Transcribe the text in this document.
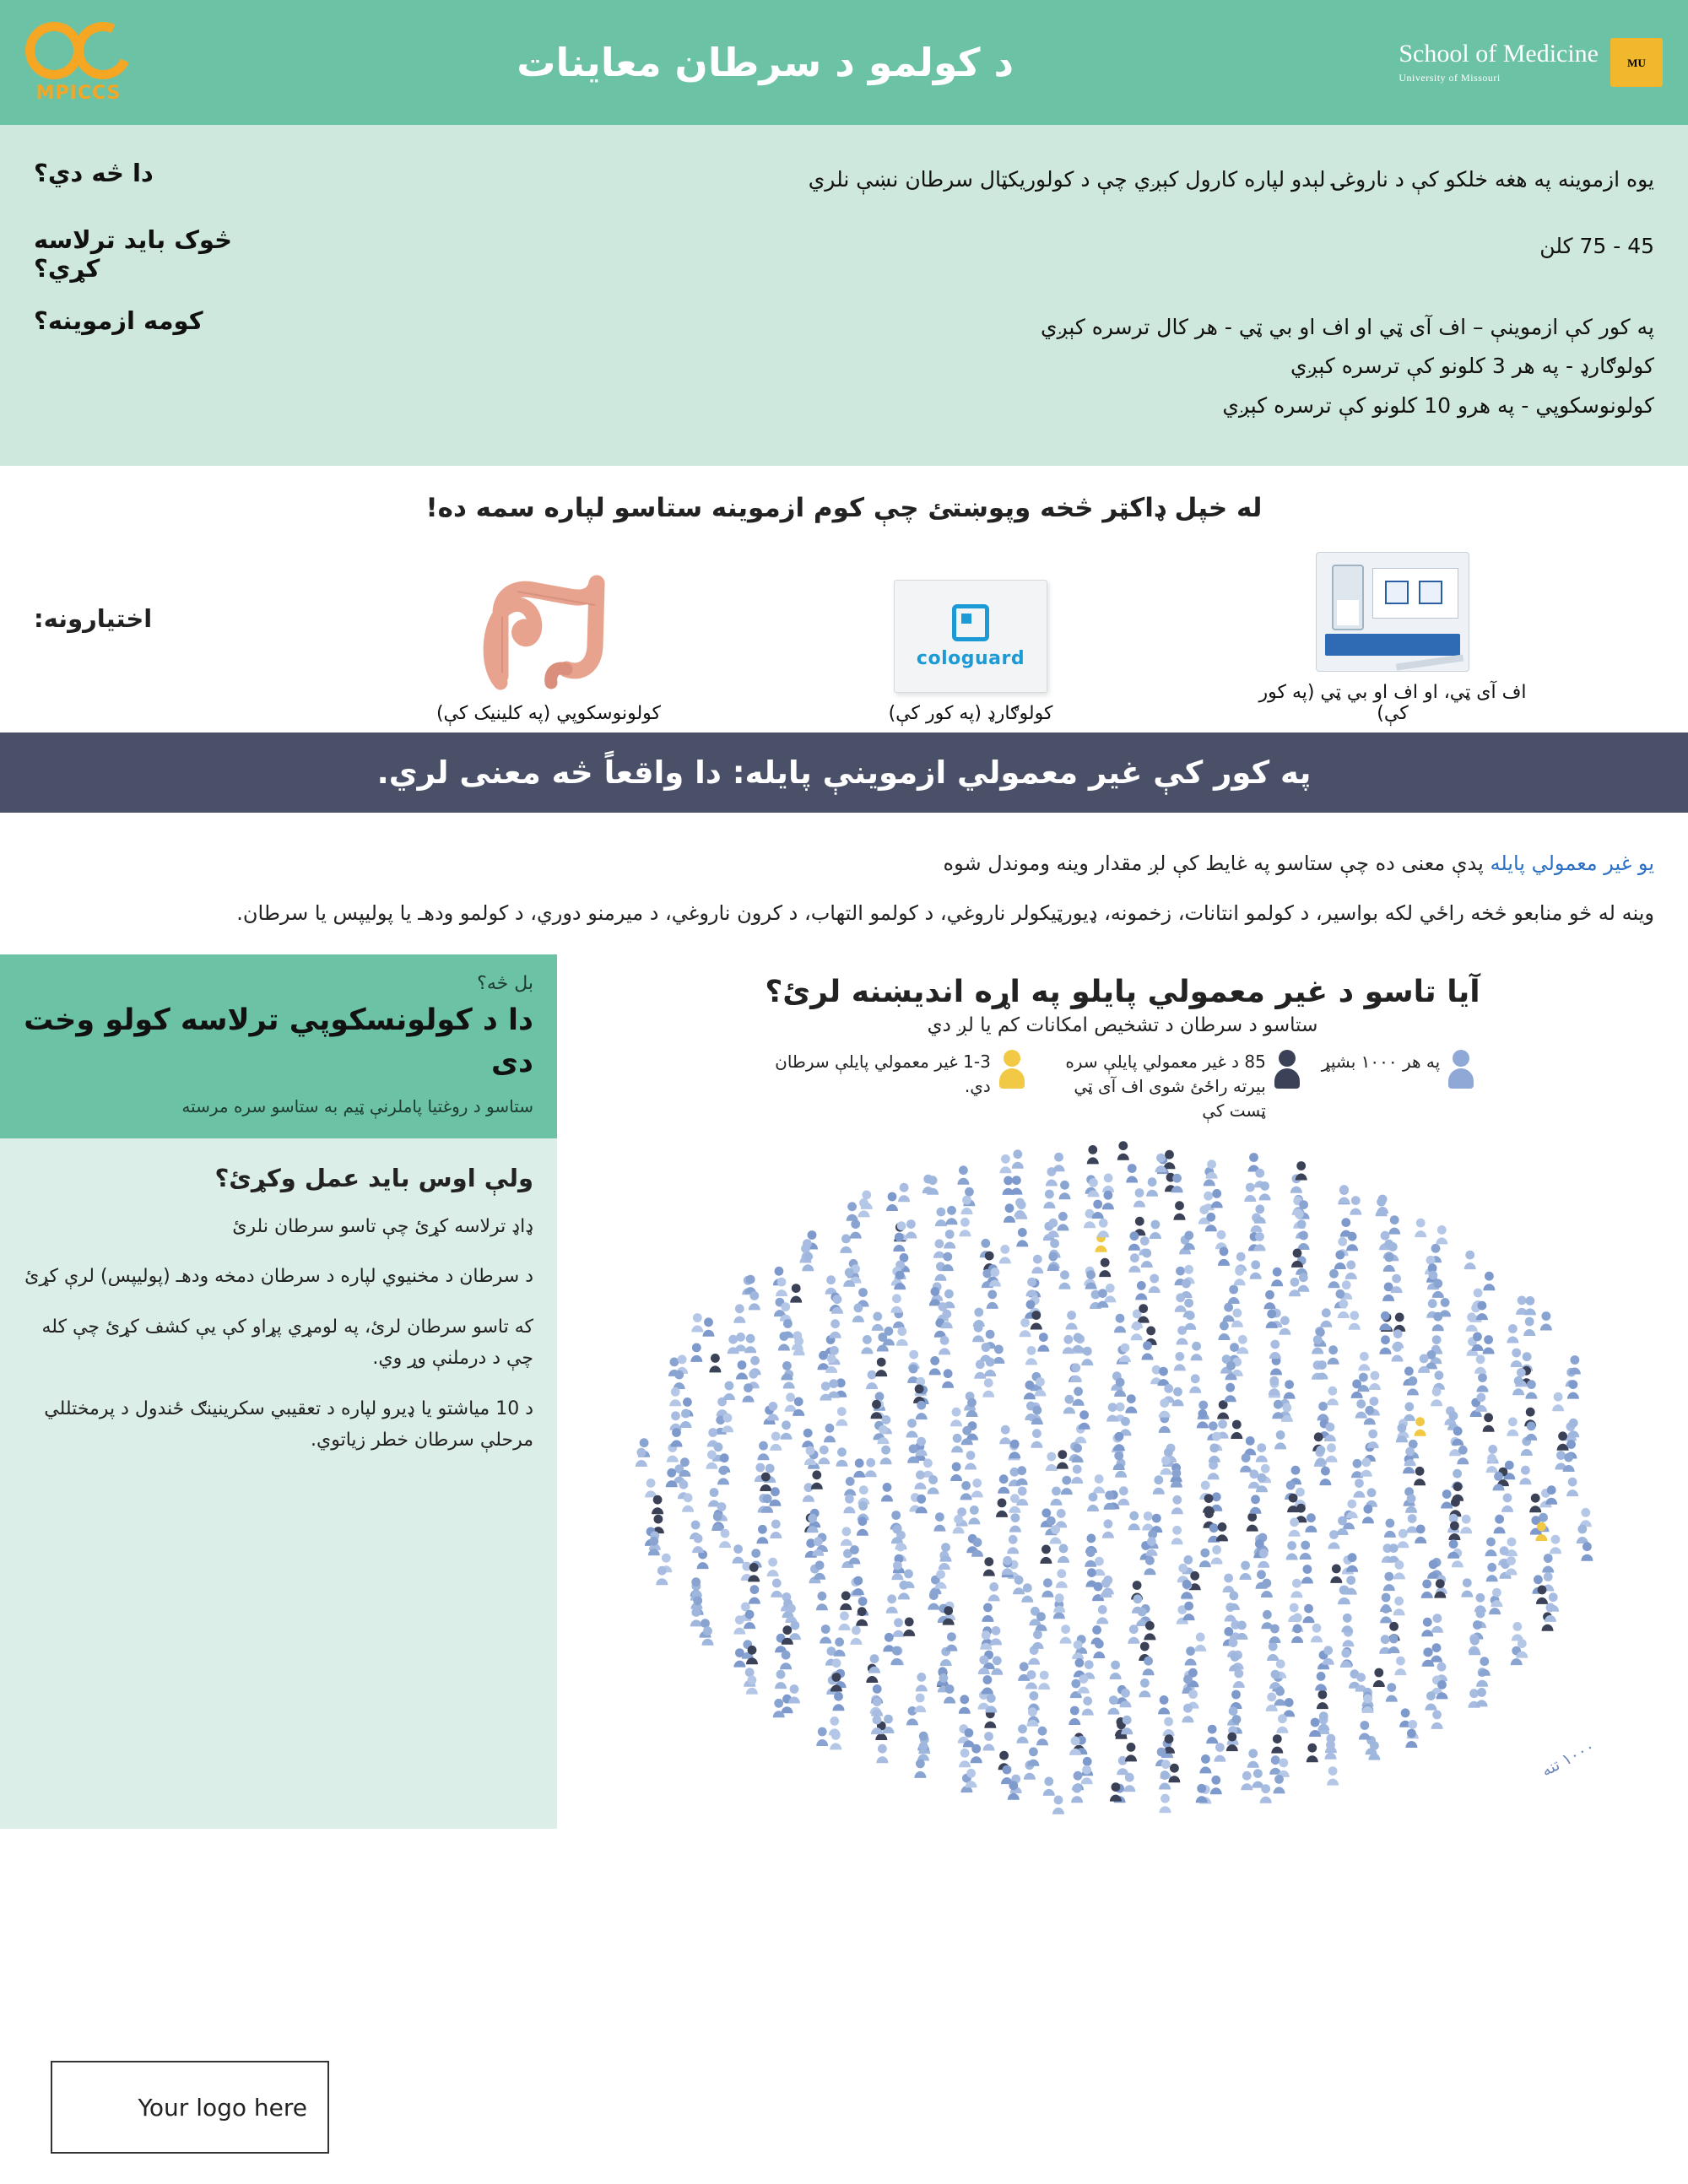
MU
School of Medicine
University of Missouri
د کولمو د سرطان معاینات
MPICCS
يوه ازموينه په هغه خلکو کې د ناروغۍ لېدو لپاره کارول کېږي چې د کولوریکټال سرطان نښې نلري
دا څه دي؟
45 - 75 کلن
څوک باید ترلاسه کړي؟
په کور کې ازموینې – اف آی ټي او اف او بي ټي - هر کال ترسره کېږي
کولوګارډ - په هر 3 کلونو کې ترسره کېږي
کولونوسکوپي - په هرو 10 کلونو کې ترسره کېږي
کومه ازموينه؟
له خپل ډاکټر څخه وپوښتئ چې کوم ازموینه ستاسو لپاره سمه ده!
اف آی ټي، او اف او بي ټي (په کور کې)
cologuard
کولوګارډ (په کور کې)
کولونوسکوپي (په کلینیک کې)
اختیارونه:
په کور کې غیر معمولي ازموینې پایله: دا واقعاً څه معنی لري.

یو غیر معمولي پایله پدې معنی ده چې ستاسو په غایط کې لږ مقدار وینه وموندل شوه

وینه له څو منابعو څخه راځي لکه بواسیر، د کولمو انتانات، زخمونه، ډیورټیکولر ناروغي، د کولمو التهاب، د کرون ناروغي، د میرمنو دوري، د کولمو ودهـ یا پولیپس یا سرطان.

آیا تاسو د غیر معمولي پایلو په اړه اندیښنه لرئ؟

ستاسو د سرطان د تشخیص امکانات کم یا لږ دي

په هر ۱۰۰۰ بشپړ
85 د غیر معمولي پایلې سره بیرته راځئ شوی اف آی ټي ټست کې
1-3 غیر معمولي پایلې سرطان دي.
۱۰۰۰ تنه
بل څه؟
دا د کولونسکوپي ترلاسه کولو وخت دی
ستاسو د روغتیا پاملرنې ټیم به ستاسو سره مرسته
ولې اوس باید عمل وکړئ؟

ډاډ ترلاسه کړئ چې تاسو سرطان نلرئ

د سرطان د مخنیوي لپاره د سرطان دمخه ودهـ (پولیپس) لرې کړئ

که تاسو سرطان لرئ، په لومړي پړاو کې یې کشف کړئ چې کله چې د درملنې وړ وي.

د 10 میاشتو یا ډیرو لپاره د تعقیبي سکرینینګ ځندول د پرمختللي مرحلې سرطان خطر زیاتوي.

Your logo here
